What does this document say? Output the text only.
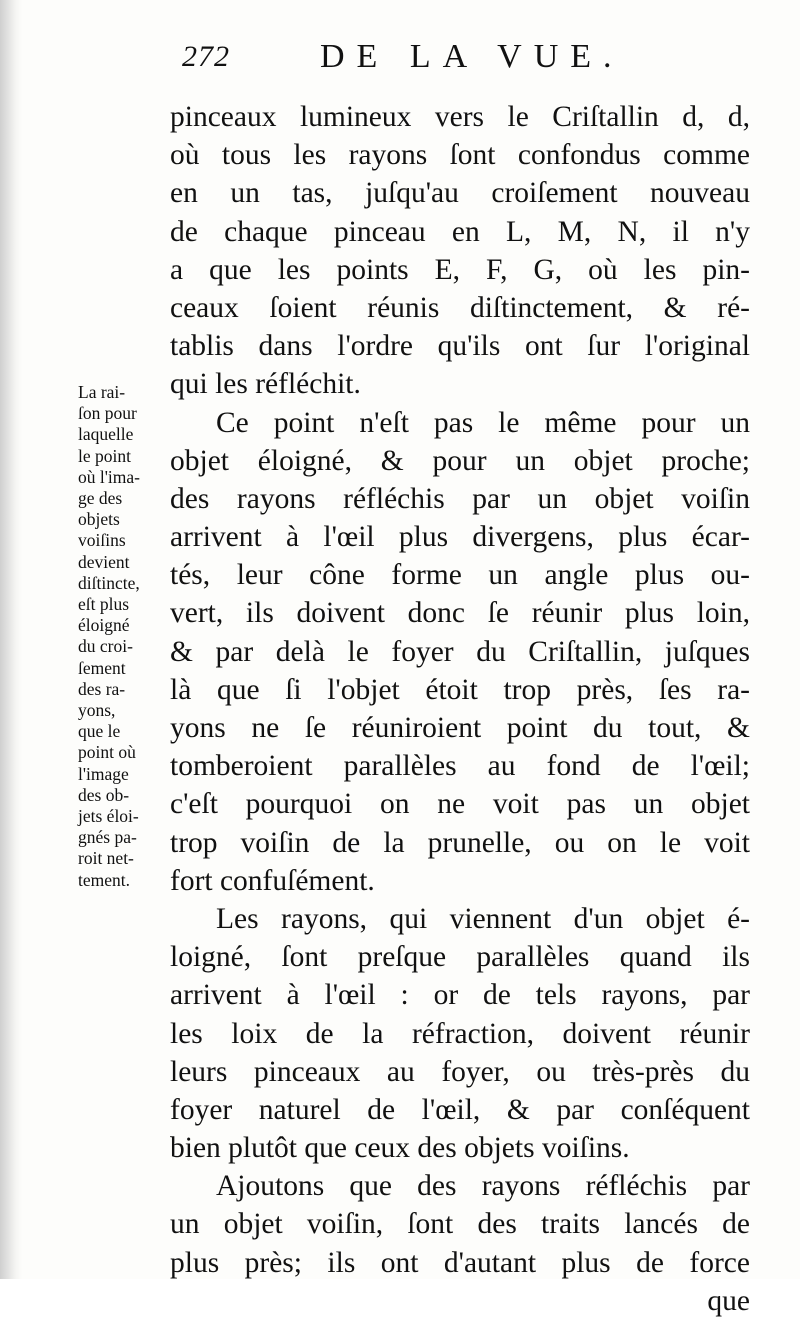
272	DE LA VUE.
La rai-
ſon pour
laquelle
le point
où l'ima-
ge des
objets
voiſins
devient
diſtincte,
eſt plus
éloigné
du croi-
ſement
des ra-
yons,
que le
point où
l'image
des ob-
jets éloi-
gnés pa-
roit net-
tement.
pinceaux lumineux vers le Criſtallin d, d,
où tous les rayons ſont confondus comme
en un tas, juſqu'au croiſement nouveau
de chaque pinceau en L, M, N, il n'y
a que les points E, F, G, où les pin-
ceaux ſoient réunis diſtinctement, & ré-
tablis dans l'ordre qu'ils ont ſur l'original
qui les réfléchit.
Ce point n'eſt pas le même pour un
objet éloigné, & pour un objet proche;
des rayons réfléchis par un objet voiſin
arrivent à l'œil plus divergens, plus écar-
tés, leur cône forme un angle plus ou-
vert, ils doivent donc ſe réunir plus loin,
& par delà le foyer du Criſtallin, juſques
là que ſi l'objet étoit trop près, ſes ra-
yons ne ſe réuniroient point du tout, &
tomberoient parallèles au fond de l'œil;
c'eſt pourquoi on ne voit pas un objet
trop voiſin de la prunelle, ou on le voit
fort confuſément.
Les rayons, qui viennent d'un objet é-
loigné, ſont preſque parallèles quand ils
arrivent à l'œil : or de tels rayons, par
les loix de la réfraction, doivent réunir
leurs pinceaux au foyer, ou très-près du
foyer naturel de l'œil, & par conſéquent
bien plutôt que ceux des objets voiſins.
Ajoutons que des rayons réfléchis par
un objet voiſin, ſont des traits lancés de
plus près; ils ont d'autant plus de force
que
